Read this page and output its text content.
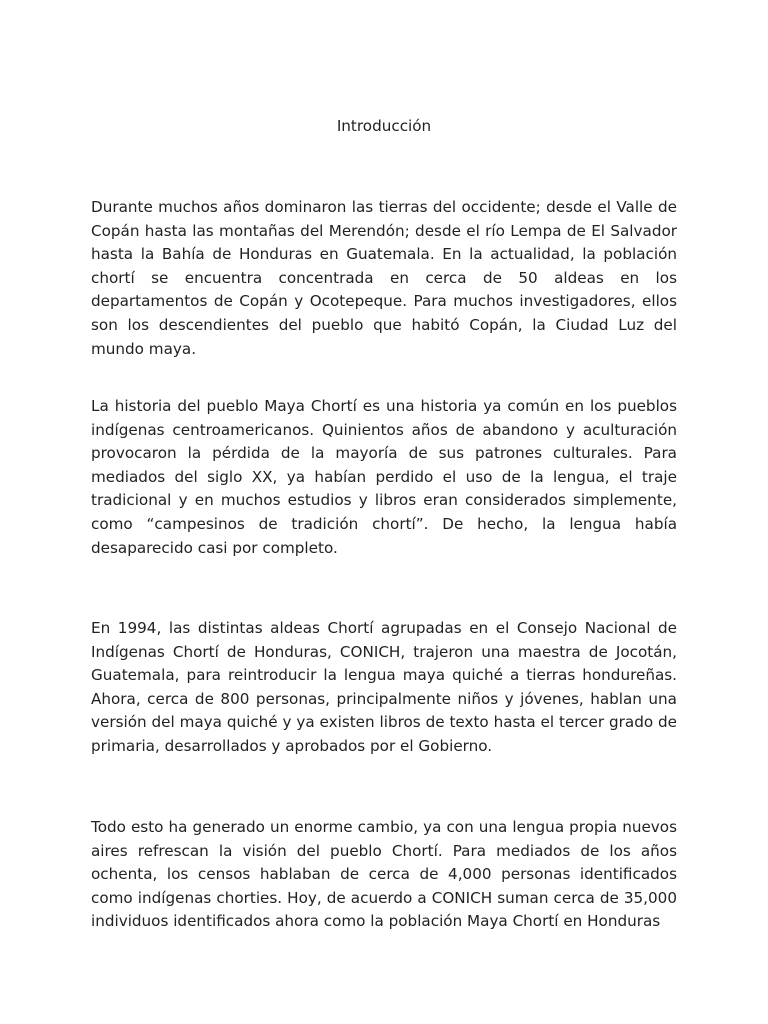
Introducción

Durante muchos años dominaron las tierras del occidente; desde el Valle de Copán hasta las montañas del Merendón; desde el río Lempa de El Salvador hasta la Bahía de Honduras en Guatemala. En la actualidad, la población chortí se encuentra concentrada en cerca de 50 aldeas en los departamentos de Copán y Ocotepeque. Para muchos investigadores, ellos son los descendientes del pueblo que habitó Copán, la Ciudad Luz del mundo maya.

La historia del pueblo Maya Chortí es una historia ya común en los pueblos indígenas centroamericanos. Quinientos años de abandono y aculturación provocaron la pérdida de la mayoría de sus patrones culturales. Para mediados del siglo XX, ya habían perdido el uso de la lengua, el traje tradicional y en muchos estudios y libros eran considerados simplemente, como “campesinos de tradición chortí”. De hecho, la lengua había desaparecido casi por completo.

En 1994, las distintas aldeas Chortí agrupadas en el Consejo Nacional de Indígenas Chortí de Honduras, CONICH, trajeron una maestra de Jocotán, Guatemala, para reintroducir la lengua maya quiché a tierras hondureñas. Ahora, cerca de 800 personas, principalmente niños y jóvenes, hablan una versión del maya quiché y ya existen libros de texto hasta el tercer grado de primaria, desarrollados y aprobados por el Gobierno.

Todo esto ha generado un enorme cambio, ya con una lengua propia nuevos aires refrescan la visión del pueblo Chortí. Para mediados de los años ochenta, los censos hablaban de cerca de 4,000 personas identificados como indígenas chorties. Hoy, de acuerdo a CONICH suman cerca de 35,000 individuos identificados ahora como la población Maya Chortí en Honduras
